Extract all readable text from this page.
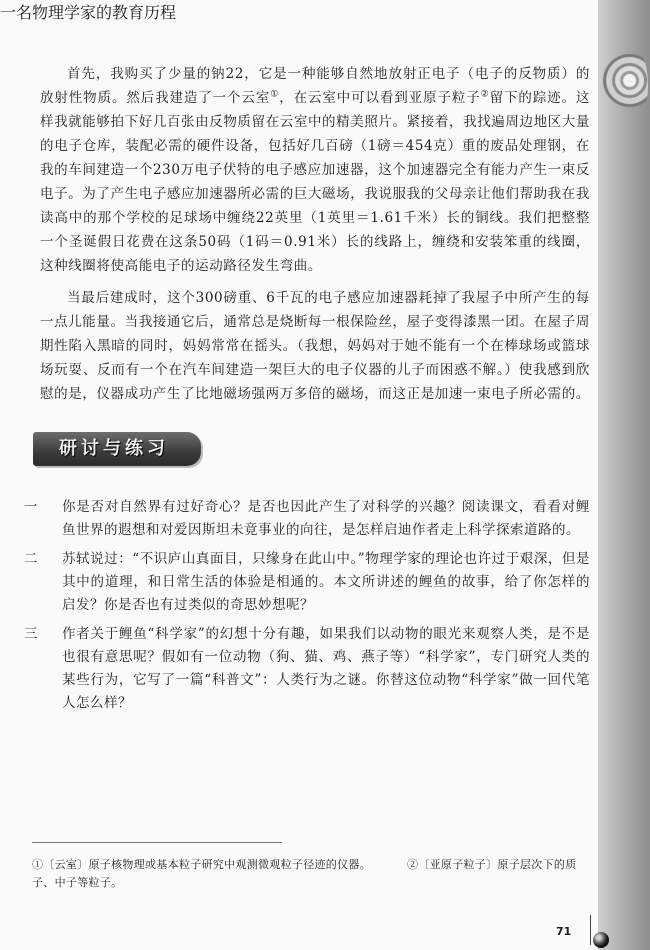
一名物理学家的教育历程

首先，我购买了少量的钠22，它是一种能够自然地放射正电子（电子的反物质）的放射性物质。然后我建造了一个云室①，在云室中可以看到亚原子粒子②留下的踪迹。这样我就能够拍下好几百张由反物质留在云室中的精美照片。紧接着，我找遍周边地区大量的电子仓库，装配必需的硬件设备，包括好几百磅（1磅＝454克）重的废品处理钢，在我的车间建造一个230万电子伏特的电子感应加速器，这个加速器完全有能力产生一束反电子。为了产生电子感应加速器所必需的巨大磁场，我说服我的父母亲让他们帮助我在我读高中的那个学校的足球场中缠绕22英里（1英里＝1.61千米）长的铜线。我们把整整一个圣诞假日花费在这条50码（1码＝0.91米）长的线路上，缠绕和安装笨重的线圈，这种线圈将使高能电子的运动路径发生弯曲。

当最后建成时，这个300磅重、6千瓦的电子感应加速器耗掉了我屋子中所产生的每一点儿能量。当我接通它后，通常总是烧断每一根保险丝，屋子变得漆黑一团。在屋子周期性陷入黑暗的同时，妈妈常常在摇头。（我想，妈妈对于她不能有一个在棒球场或篮球场玩耍、反而有一个在汽车间建造一架巨大的电子仪器的儿子而困惑不解。）使我感到欣慰的是，仪器成功产生了比地磁场强两万多倍的磁场，而这正是加速一束电子所必需的。

研讨与练习
一	你是否对自然界有过好奇心？是否也因此产生了对科学的兴趣？阅读课文，看看对鲤鱼世界的遐想和对爱因斯坦未竟事业的向往，是怎样启迪作者走上科学探索道路的。
二	苏轼说过：“不识庐山真面目，只缘身在此山中。”物理学家的理论也许过于艰深，但是其中的道理，和日常生活的体验是相通的。本文所讲述的鲤鱼的故事，给了你怎样的启发？你是否也有过类似的奇思妙想呢？
三	作者关于鲤鱼“科学家”的幻想十分有趣，如果我们以动物的眼光来观察人类，是不是也很有意思呢？假如有一位动物（狗、猫、鸡、燕子等）“科学家”，专门研究人类的某些行为，它写了一篇“科普文”：人类行为之谜。你替这位动物“科学家”做一回代笔人怎么样？
①〔云室〕原子核物理或基本粒子研究中观测微观粒子径迹的仪器。	②〔亚原子粒子〕原子层次下的质子、中子等粒子。
71
